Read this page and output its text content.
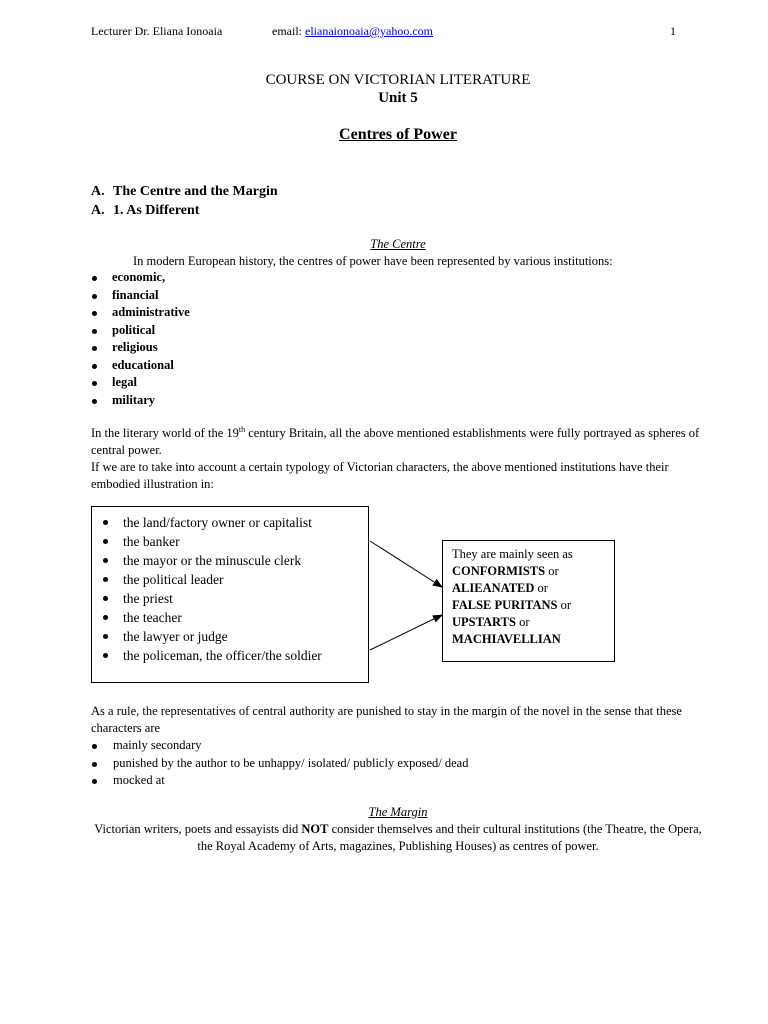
Lecturer Dr. Eliana Ionoaia	email: elianaionoaia@yahoo.com	1
COURSE ON VICTORIAN LITERATURE
Unit 5
Centres of Power
A. The Centre and the Margin
A. 1. As Different
The Centre
In modern European history, the centres of power have been represented by various institutions:
economic,
financial
administrative
political
religious
educational
legal
military
In the literary world of the 19th century Britain, all the above mentioned establishments were fully portrayed as spheres of central power.
If we are to take into account a certain typology of Victorian characters, the above mentioned institutions have their embodied illustration in:
the land/factory owner or capitalist
the banker
the mayor or the minuscule clerk
the political leader
the priest
the teacher
the lawyer or judge
the policeman, the officer/the soldier
They are mainly seen as
CONFORMISTS or
ALIEANATED or
FALSE PURITANS or
UPSTARTS or
MACHIAVELLIAN
As a rule, the representatives of central authority are punished to stay in the margin of the novel in the sense that these characters are
mainly secondary
punished by the author to be unhappy/ isolated/ publicly exposed/ dead
mocked at
The Margin
Victorian writers, poets and essayists did NOT consider themselves and their cultural institutions (the Theatre, the Opera, the Royal Academy of Arts, magazines, Publishing Houses) as centres of power.
